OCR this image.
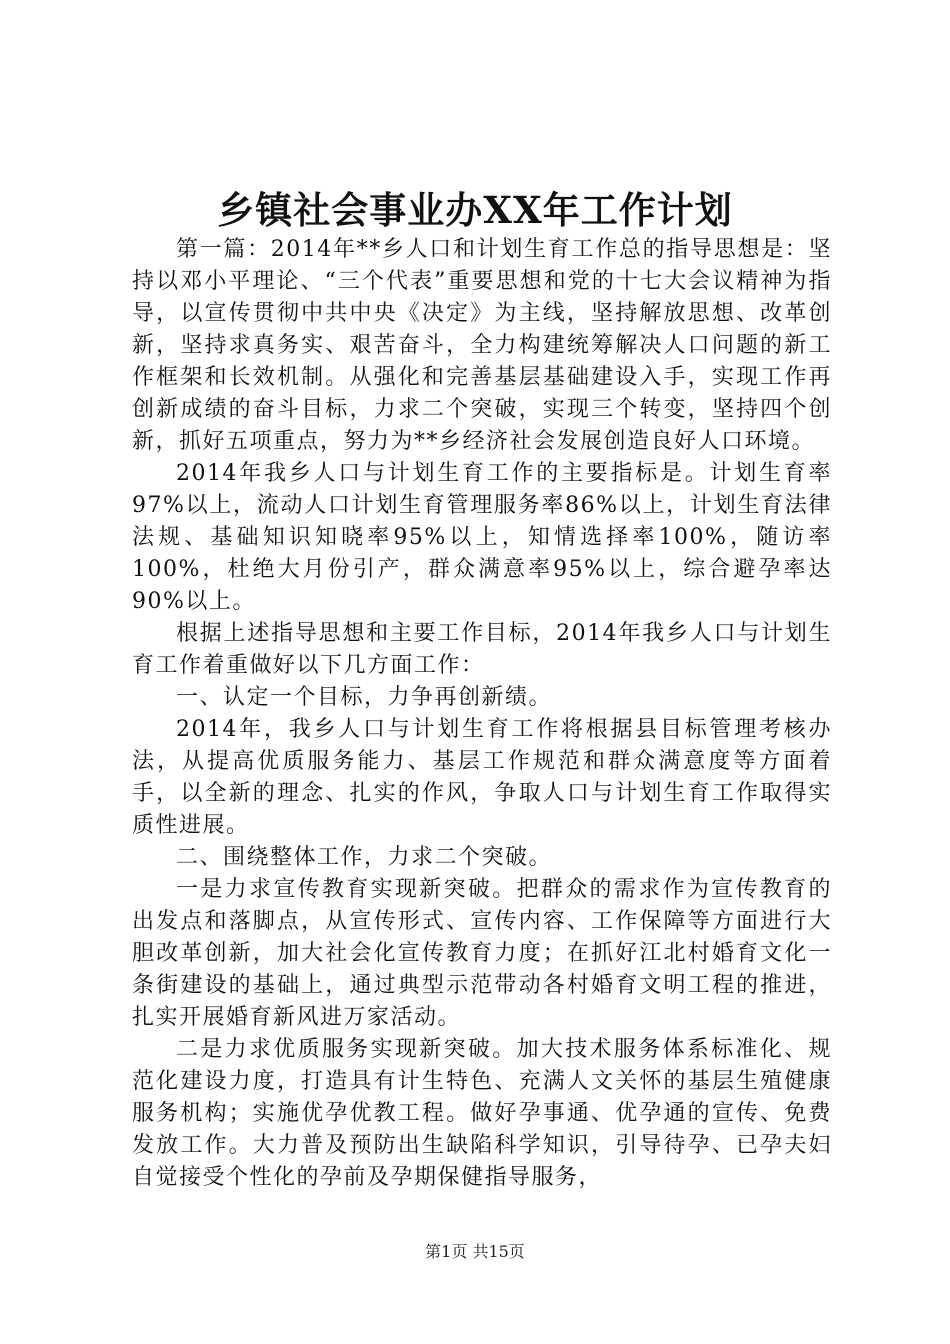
乡镇社会事业办XX年工作计划

第一篇：2014年**乡人口和计划生育工作总的指导思想是：坚持以邓小平理论、“三个代表”重要思想和党的十七大会议精神为指导，以宣传贯彻中共中央《决定》为主线，坚持解放思想、改革创新，坚持求真务实、艰苦奋斗，全力构建统筹解决人口问题的新工作框架和长效机制。从强化和完善基层基础建设入手，实现工作再创新成绩的奋斗目标，力求二个突破，实现三个转变，坚持四个创新，抓好五项重点，努力为**乡经济社会发展创造良好人口环境。

2014年我乡人口与计划生育工作的主要指标是。计划生育率97%以上，流动人口计划生育管理服务率86%以上，计划生育法律法规、基础知识知晓率95%以上，知情选择率100%，随访率100%，杜绝大月份引产，群众满意率95%以上，综合避孕率达90%以上。

根据上述指导思想和主要工作目标，2014年我乡人口与计划生育工作着重做好以下几方面工作：

一、认定一个目标，力争再创新绩。

2014年，我乡人口与计划生育工作将根据县目标管理考核办法，从提高优质服务能力、基层工作规范和群众满意度等方面着手，以全新的理念、扎实的作风，争取人口与计划生育工作取得实质性进展。

二、围绕整体工作，力求二个突破。

一是力求宣传教育实现新突破。把群众的需求作为宣传教育的出发点和落脚点，从宣传形式、宣传内容、工作保障等方面进行大胆改革创新，加大社会化宣传教育力度；在抓好江北村婚育文化一条街建设的基础上，通过典型示范带动各村婚育文明工程的推进，扎实开展婚育新风进万家活动。

二是力求优质服务实现新突破。加大技术服务体系标准化、规范化建设力度，打造具有计生特色、充满人文关怀的基层生殖健康服务机构；实施优孕优教工程。做好孕事通、优孕通的宣传、免费发放工作。大力普及预防出生缺陷科学知识，引导待孕、已孕夫妇自觉接受个性化的孕前及孕期保健指导服务，

第1页 共15页
